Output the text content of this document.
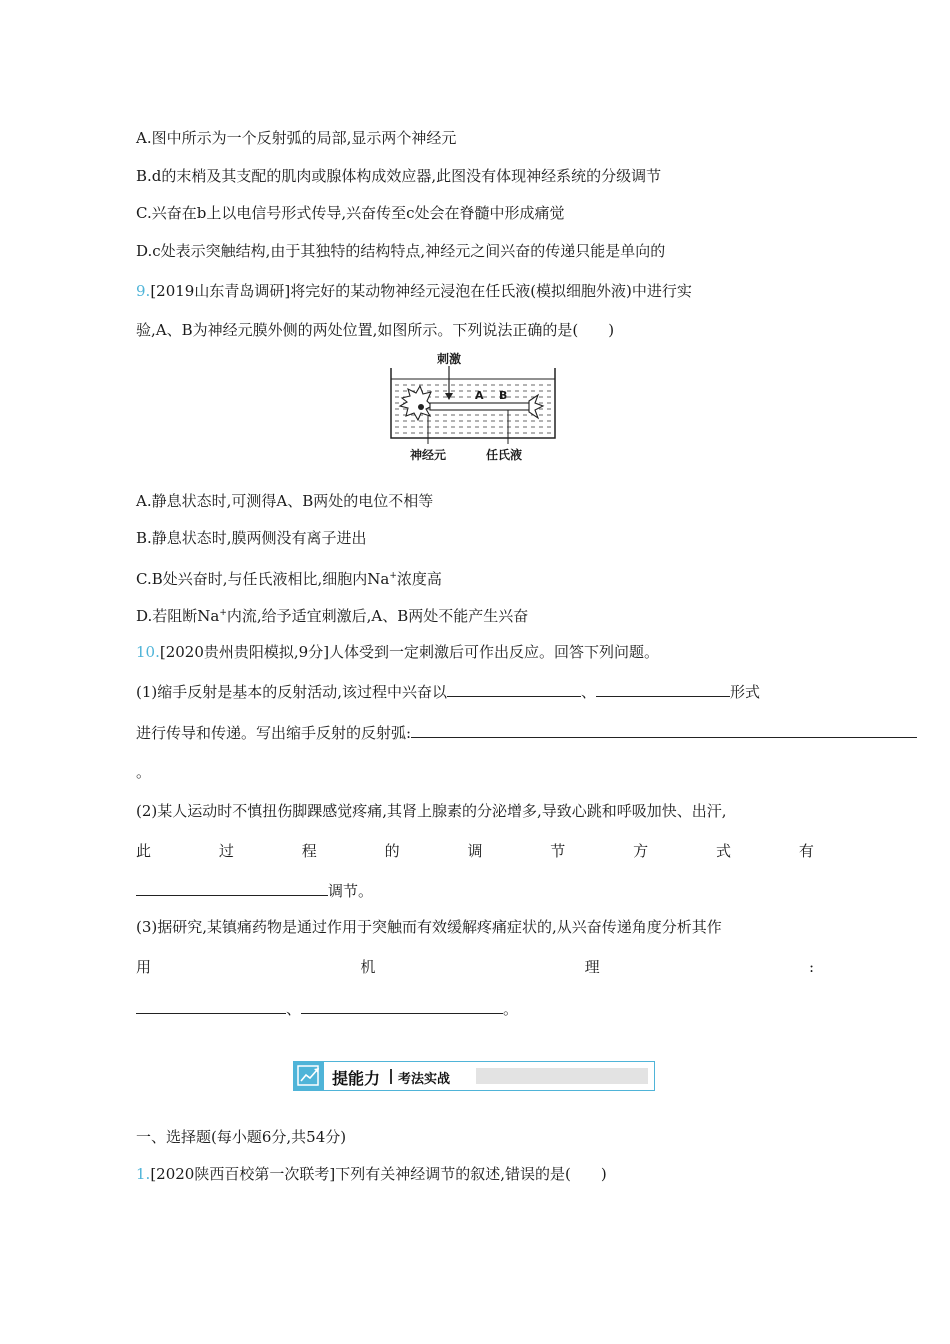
A.图中所示为一个反射弧的局部,显示两个神经元
B.d的末梢及其支配的肌肉或腺体构成效应器,此图没有体现神经系统的分级调节
C.兴奋在b上以电信号形式传导,兴奋传至c处会在脊髓中形成痛觉
D.c处表示突触结构,由于其独特的结构特点,神经元之间兴奋的传递只能是单向的
9.[2019山东青岛调研]将完好的某动物神经元浸泡在任氏液(模拟细胞外液)中进行实
验,A、B为神经元膜外侧的两处位置,如图所示。下列说法正确的是(　　)
刺激
A B
神经元	任氏液
A.静息状态时,可测得A、B两处的电位不相等
B.静息状态时,膜两侧没有离子进出
C.B处兴奋时,与任氏液相比,细胞内Na+浓度高
D.若阻断Na+内流,给予适宜刺激后,A、B两处不能产生兴奋
10.[2020贵州贵阳模拟,9分]人体受到一定刺激后可作出反应。回答下列问题。
(1)缩手反射是基本的反射活动,该过程中兴奋以	、	形式
进行传导和传递。写出缩手反射的反射弧:
。
(2)某人运动时不慎扭伤脚踝感觉疼痛,其肾上腺素的分泌增多,导致心跳和呼吸加快、出汗,
此	过	程	的	调	节	方	式	有
调节。
(3)据研究,某镇痛药物是通过作用于突触而有效缓解疼痛症状的,从兴奋传递角度分析其作
用	机	理	:
、	。
提能力 考法实战
一、选择题(每小题6分,共54分)
1.[2020陕西百校第一次联考]下列有关神经调节的叙述,错误的是(　　)
